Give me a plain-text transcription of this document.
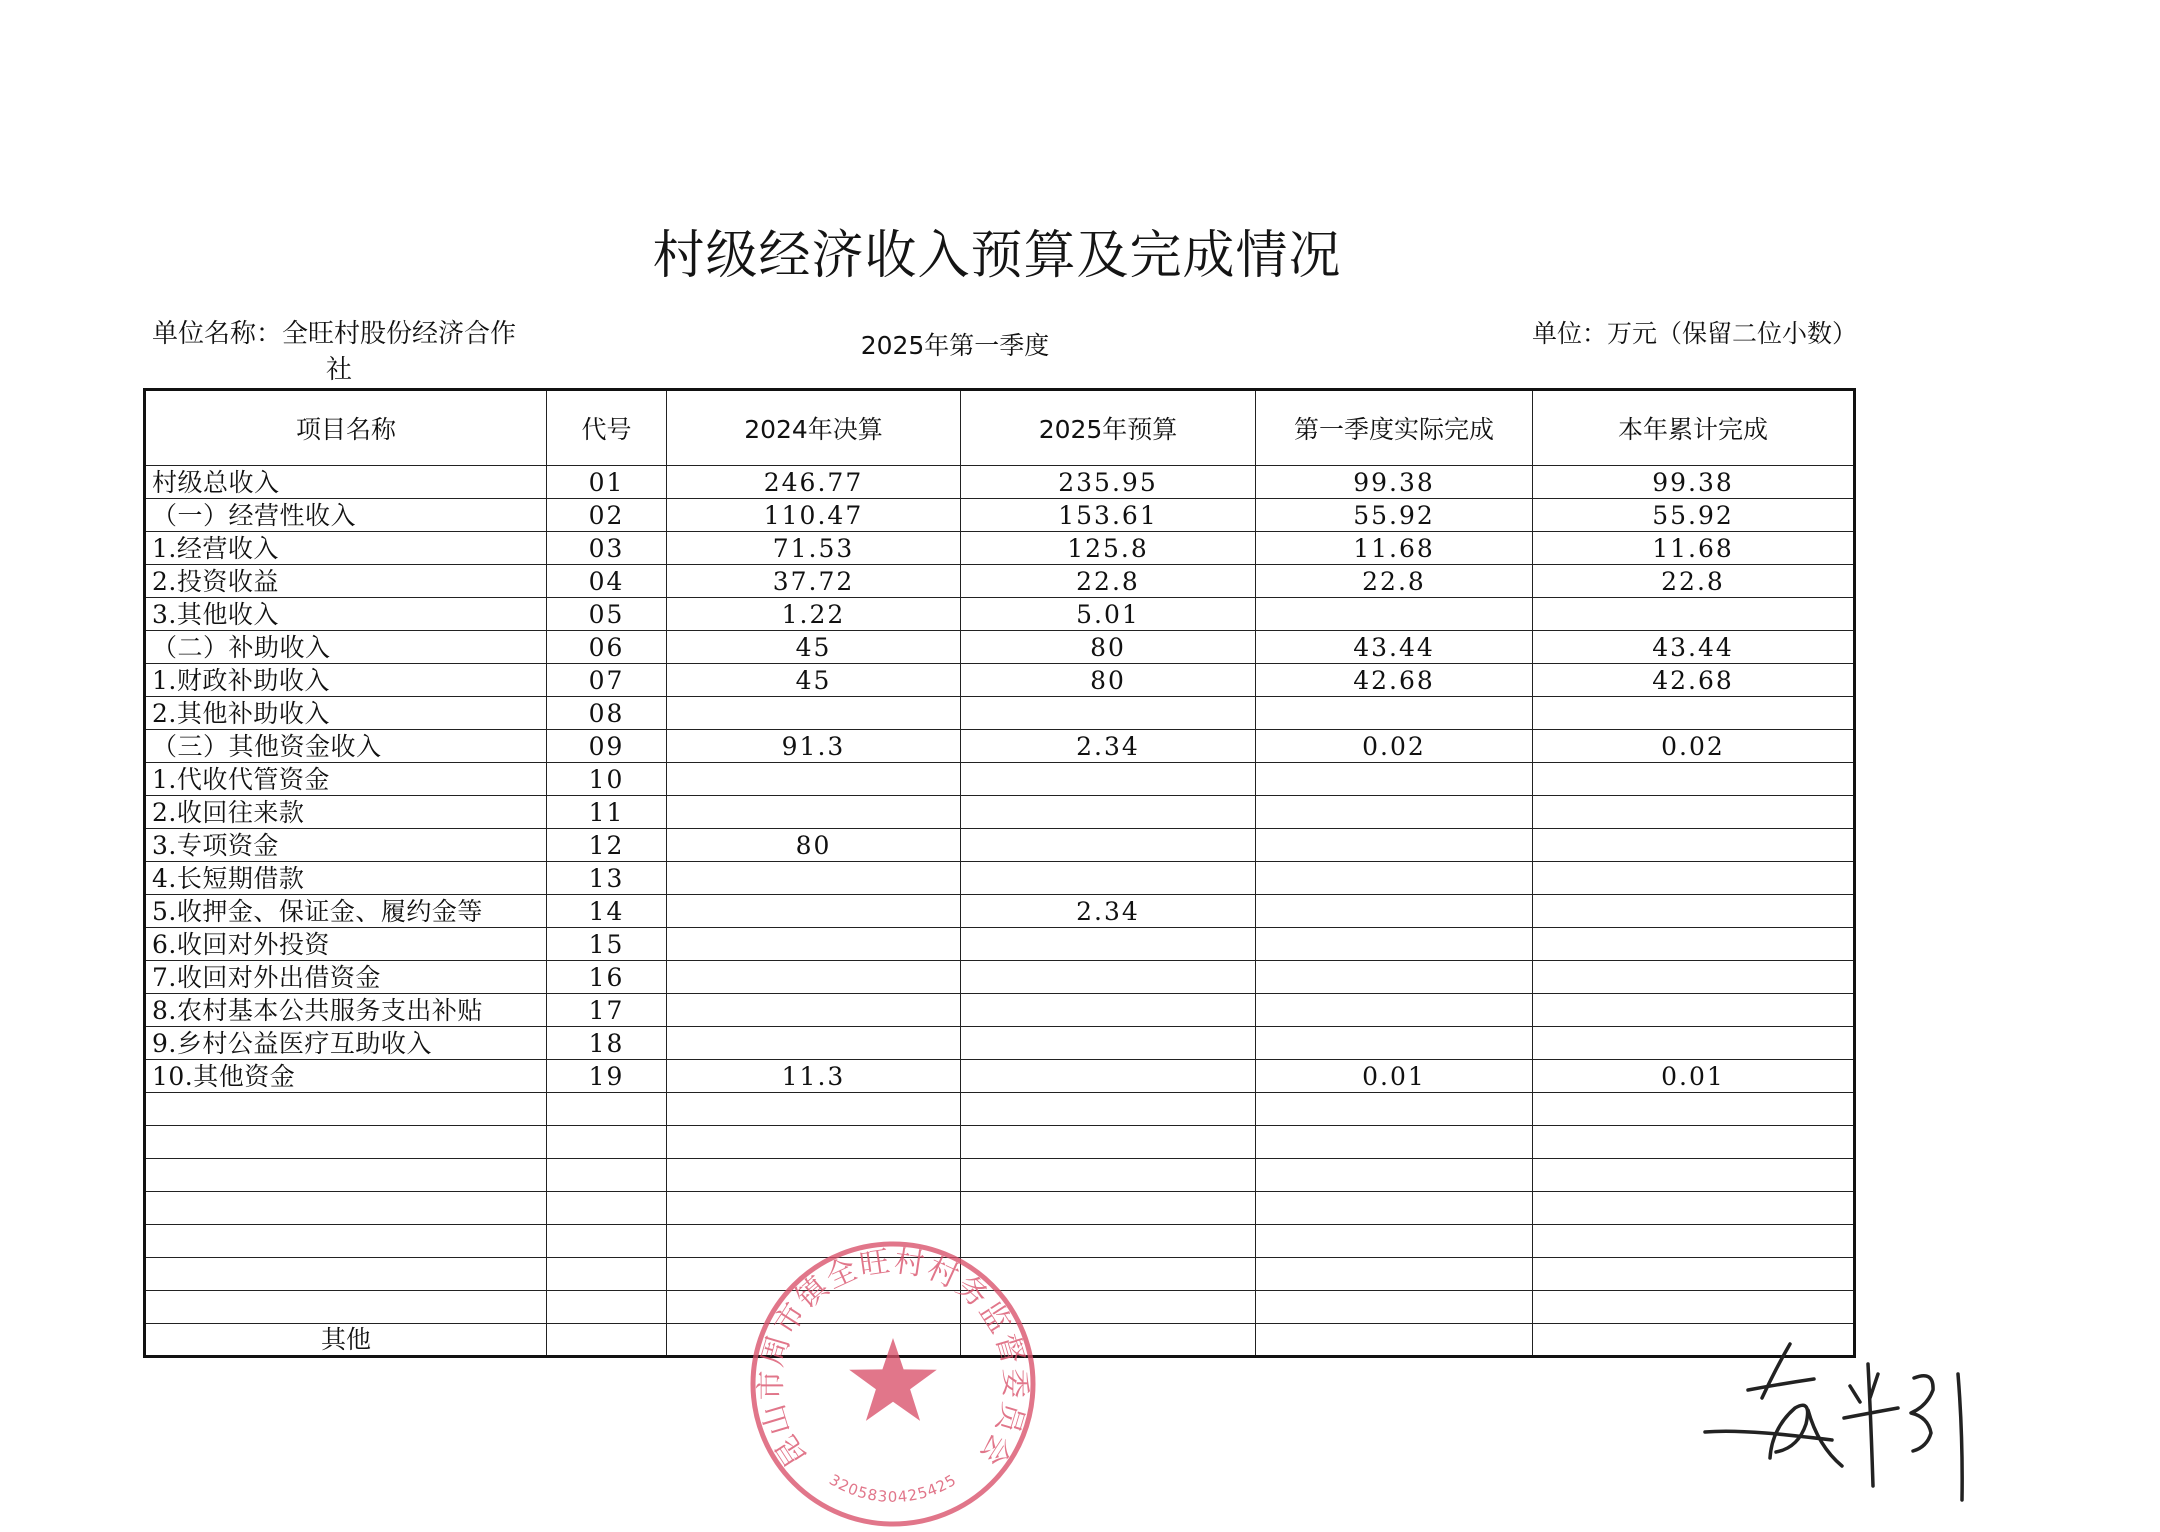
村级经济收入预算及完成情况
单位名称：全旺村股份经济合作
社
2025年第一季度	单位：万元（保留二位小数）
项目名称	代号	2024年决算	2025年预算	第一季度实际完成	本年累计完成
村级总收入	01	246.77	235.95	99.38	99.38
（一）经营性收入	02	110.47	153.61	55.92	55.92
1.经营收入	03	71.53	125.8	11.68	11.68
2.投资收益	04	37.72	22.8	22.8	22.8
3.其他收入	05	1.22	5.01		
（二）补助收入	06	45	80	43.44	43.44
1.财政补助收入	07	45	80	42.68	42.68
2.其他补助收入	08				
（三）其他资金收入	09	91.3	2.34	0.02	0.02
1.代收代管资金	10				
2.收回往来款	11				
3.专项资金	12	80			
4.长短期借款	13				
5.收押金、保证金、履约金等	14		2.34		
6.收回对外投资	15				
7.收回对外出借资金	16				
8.农村基本公共服务支出补贴	17				
9.乡村公益医疗互助收入	18				
10.其他资金	19	11.3		0.01	0.01

其他					
昆山市周市镇全旺村村务监督委员会
3205830425425
